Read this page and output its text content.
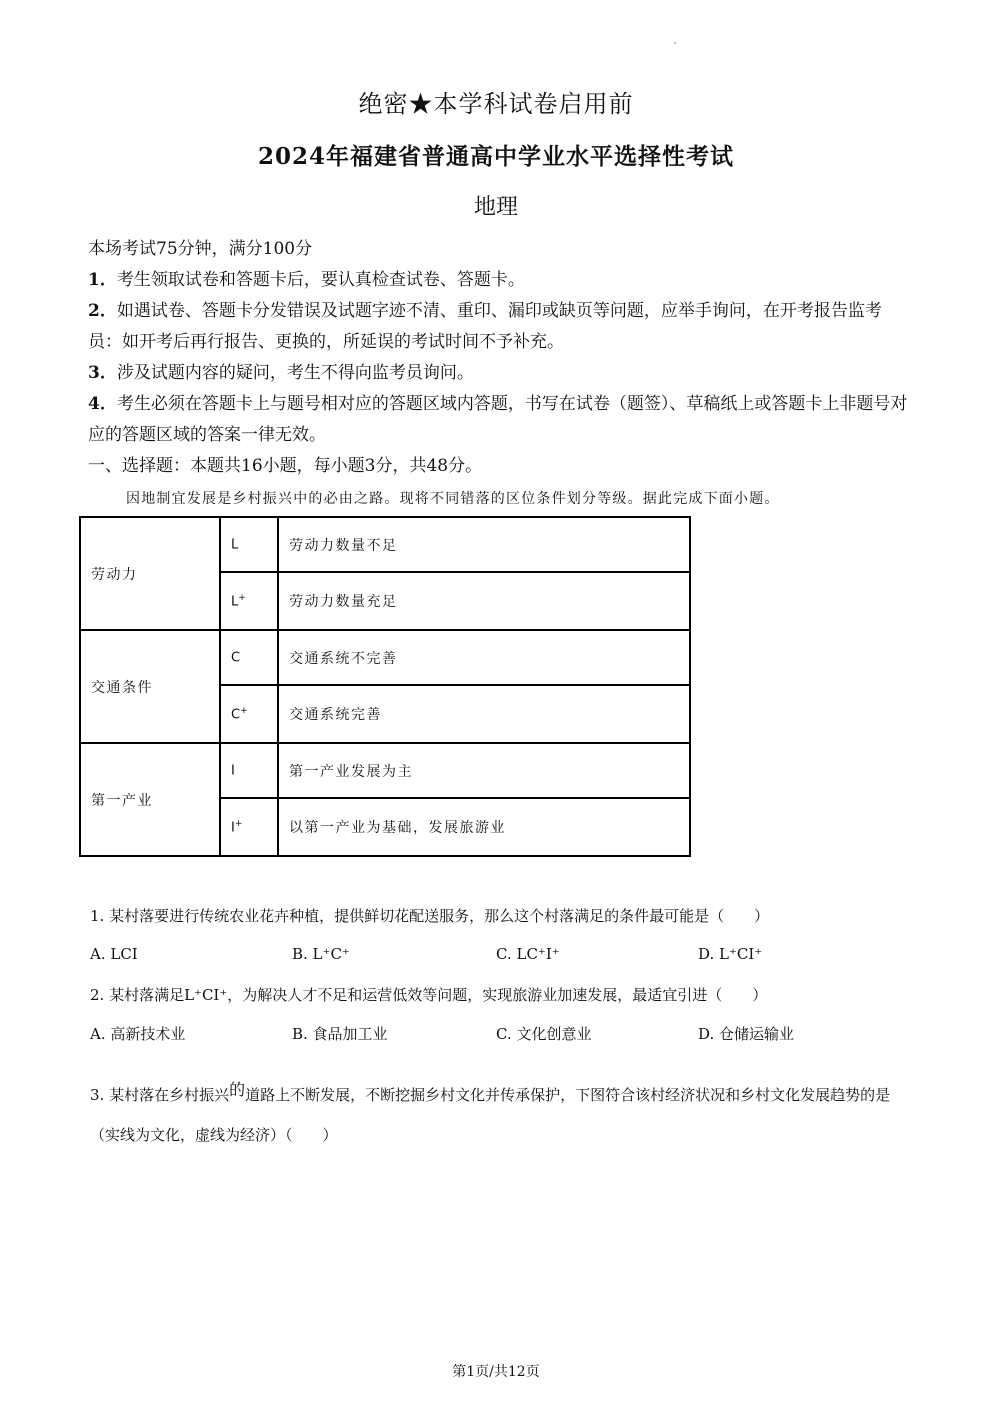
绝密★本学科试卷启用前
2024年福建省普通高中学业水平选择性考试
地理

本场考试75分钟，满分100分

1．考生领取试卷和答题卡后，要认真检查试卷、答题卡。

2．如遇试卷、答题卡分发错误及试题字迹不清、重印、漏印或缺页等问题，应举手询问，在开考报告监考员：如开考后再行报告、更换的，所延误的考试时间不予补充。

3．涉及试题内容的疑问，考生不得向监考员询问。

4．考生必须在答题卡上与题号相对应的答题区域内答题，书写在试卷（题签）、草稿纸上或答题卡上非题号对应的答题区域的答案一律无效。

一、选择题：本题共16小题，每小题3分，共48分。

因地制宜发展是乡村振兴中的必由之路。现将不同错落的区位条件划分等级。据此完成下面小题。
劳动力	L	劳动力数量不足
	L+	劳动力数量充足
交通条件	C	交通系统不完善
	C+	交通系统完善
第一产业	I	第一产业发展为主
	I+	以第一产业为基础，发展旅游业
1. 某村落要进行传统农业花卉种植，提供鲜切花配送服务，那么这个村落满足的条件最可能是（　　）
A. LCI	B. L⁺C⁺	C. LC⁺I⁺	D. L⁺CI⁺
2. 某村落满足L⁺CI⁺，为解决人才不足和运营低效等问题，实现旅游业加速发展，最适宜引进（　　）
A. 高新技术业	B. 食品加工业	C. 文化创意业	D. 仓储运输业
3. 某村落在乡村振兴的道路上不断发展，不断挖掘乡村文化并传承保护，下图符合该村经济状况和乡村文化发展趋势的是（实线为文化，虚线为经济）（　　）
第1页/共12页
